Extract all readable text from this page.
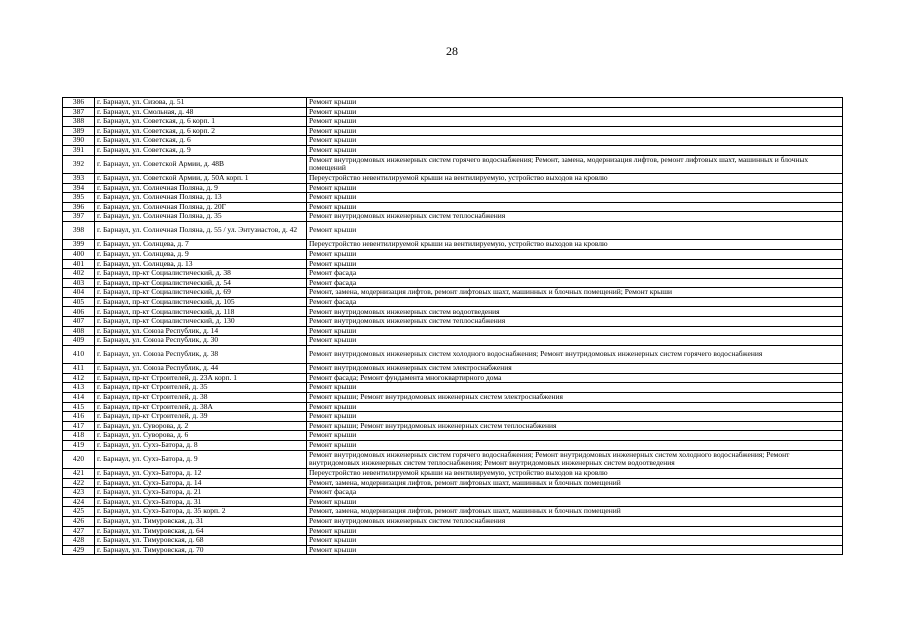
28
386	г. Барнаул, ул. Сизова, д. 51	Ремонт крыши
387	г. Барнаул, ул. Смольная, д. 48	Ремонт крыши
388	г. Барнаул, ул. Советская, д. 6 корп. 1	Ремонт крыши
389	г. Барнаул, ул. Советская, д. 6 корп. 2	Ремонт крыши
390	г. Барнаул, ул. Советская, д. 6	Ремонт крыши
391	г. Барнаул, ул. Советская, д. 9	Ремонт крыши
392	г. Барнаул, ул. Советской Армии, д. 48В	Ремонт внутридомовых инженерных систем горячего водоснабжения; Ремонт, замена, модернизация лифтов, ремонт лифтовых шахт, машинных и блочных помещений
393	г. Барнаул, ул. Советской Армии, д. 50А корп. 1	Переустройство невентилируемой крыши на вентилируемую, устройство выходов на кровлю
394	г. Барнаул, ул. Солнечная Поляна, д. 9	Ремонт крыши
395	г. Барнаул, ул. Солнечная Поляна, д. 13	Ремонт крыши
396	г. Барнаул, ул. Солнечная Поляна, д. 20Г	Ремонт крыши
397	г. Барнаул, ул. Солнечная Поляна, д. 35	Ремонт внутридомовых инженерных систем теплоснабжения
398	г. Барнаул, ул. Солнечная Поляна, д. 55 / ул. Энтузиастов, д. 42	Ремонт крыши
399	г. Барнаул, ул. Солнцева, д. 7	Переустройство невентилируемой крыши на вентилируемую, устройство выходов на кровлю
400	г. Барнаул, ул. Солнцева, д. 9	Ремонт крыши
401	г. Барнаул, ул. Солнцева, д. 13	Ремонт крыши
402	г. Барнаул, пр-кт Социалистический, д. 38	Ремонт фасада
403	г. Барнаул, пр-кт Социалистический, д. 54	Ремонт фасада
404	г. Барнаул, пр-кт Социалистический, д. 69	Ремонт, замена, модернизация лифтов, ремонт лифтовых шахт, машинных и блочных помещений; Ремонт крыши
405	г. Барнаул, пр-кт Социалистический, д. 105	Ремонт фасада
406	г. Барнаул, пр-кт Социалистический, д. 118	Ремонт внутридомовых инженерных систем водоотведения
407	г. Барнаул, пр-кт Социалистический, д. 130	Ремонт внутридомовых инженерных систем теплоснабжения
408	г. Барнаул, ул. Союза Республик, д. 14	Ремонт крыши
409	г. Барнаул, ул. Союза Республик, д. 30	Ремонт крыши
410	г. Барнаул, ул. Союза Республик, д. 38	Ремонт внутридомовых инженерных систем холодного водоснабжения; Ремонт внутридомовых инженерных систем горячего водоснабжения
411	г. Барнаул, ул. Союза Республик, д. 44	Ремонт внутридомовых инженерных систем электроснабжения
412	г. Барнаул, пр-кт Строителей, д. 23А корп. 1	Ремонт фасада; Ремонт фундамента многоквартирного дома
413	г. Барнаул, пр-кт Строителей, д. 35	Ремонт крыши
414	г. Барнаул, пр-кт Строителей, д. 38	Ремонт крыши; Ремонт внутридомовых инженерных систем электроснабжения
415	г. Барнаул, пр-кт Строителей, д. 38А	Ремонт крыши
416	г. Барнаул, пр-кт Строителей, д. 39	Ремонт крыши
417	г. Барнаул, ул. Суворова, д. 2	Ремонт крыши; Ремонт внутридомовых инженерных систем теплоснабжения
418	г. Барнаул, ул. Суворова, д. 6	Ремонт крыши
419	г. Барнаул, ул. Сухэ-Батора, д. 8	Ремонт крыши
420	г. Барнаул, ул. Сухэ-Батора, д. 9	Ремонт внутридомовых инженерных систем горячего водоснабжения; Ремонт внутридомовых инженерных систем холодного водоснабжения; Ремонт внутридомовых инженерных систем теплоснабжения; Ремонт внутридомовых инженерных систем водоотведения
421	г. Барнаул, ул. Сухэ-Батора, д. 12	Переустройство невентилируемой крыши на вентилируемую, устройство выходов на кровлю
422	г. Барнаул, ул. Сухэ-Батора, д. 14	Ремонт, замена, модернизация лифтов, ремонт лифтовых шахт, машинных и блочных помещений
423	г. Барнаул, ул. Сухэ-Батора, д. 21	Ремонт фасада
424	г. Барнаул, ул. Сухэ-Батора, д. 31	Ремонт крыши
425	г. Барнаул, ул. Сухэ-Батора, д. 35 корп. 2	Ремонт, замена, модернизация лифтов, ремонт лифтовых шахт, машинных и блочных помещений
426	г. Барнаул, ул. Тимуровская, д. 31	Ремонт внутридомовых инженерных систем теплоснабжения
427	г. Барнаул, ул. Тимуровская, д. 64	Ремонт крыши
428	г. Барнаул, ул. Тимуровская, д. 68	Ремонт крыши
429	г. Барнаул, ул. Тимуровская, д. 70	Ремонт крыши
